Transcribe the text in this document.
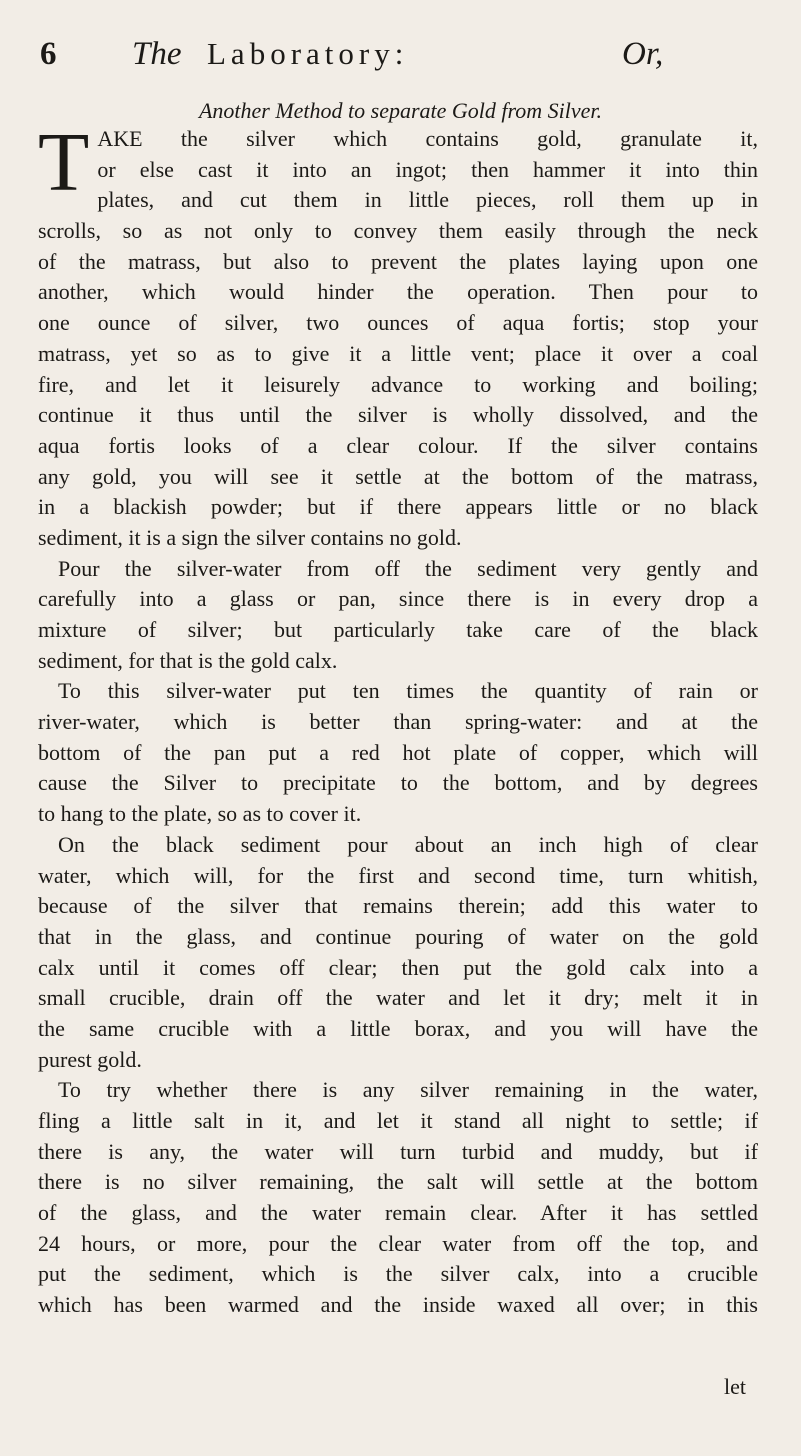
6 The Laboratory:	Or,
Another Method to separate Gold from Silver.
T AKE the silver which contains gold, granulate it,
or else cast it into an ingot; then hammer it into thin
plates, and cut them in little pieces, roll them up in
scrolls, so as not only to convey them easily through the neck
of the matrass, but also to prevent the plates laying upon one
another, which would hinder the operation. Then pour to
one ounce of silver, two ounces of aqua fortis; stop your
matrass, yet so as to give it a little vent; place it over a coal
fire, and let it leisurely advance to working and boiling;
continue it thus until the silver is wholly dissolved, and the
aqua fortis looks of a clear colour. If the silver contains
any gold, you will see it settle at the bottom of the matrass,
in a blackish powder; but if there appears little or no black
sediment, it is a sign the silver contains no gold.
Pour the silver-water from off the sediment very gently and
carefully into a glass or pan, since there is in every drop a
mixture of silver; but particularly take care of the black
sediment, for that is the gold calx.
To this silver-water put ten times the quantity of rain or
river-water, which is better than spring-water: and at the
bottom of the pan put a red hot plate of copper, which will
cause the Silver to precipitate to the bottom, and by degrees
to hang to the plate, so as to cover it.
On the black sediment pour about an inch high of clear
water, which will, for the first and second time, turn whitish,
because of the silver that remains therein; add this water to
that in the glass, and continue pouring of water on the gold
calx until it comes off clear; then put the gold calx into a
small crucible, drain off the water and let it dry; melt it in
the same crucible with a little borax, and you will have the
purest gold.
To try whether there is any silver remaining in the water,
fling a little salt in it, and let it stand all night to settle; if
there is any, the water will turn turbid and muddy, but if
there is no silver remaining, the salt will settle at the bottom
of the glass, and the water remain clear. After it has settled
24 hours, or more, pour the clear water from off the top, and
put the sediment, which is the silver calx, into a crucible
which has been warmed and the inside waxed all over; in this
let
